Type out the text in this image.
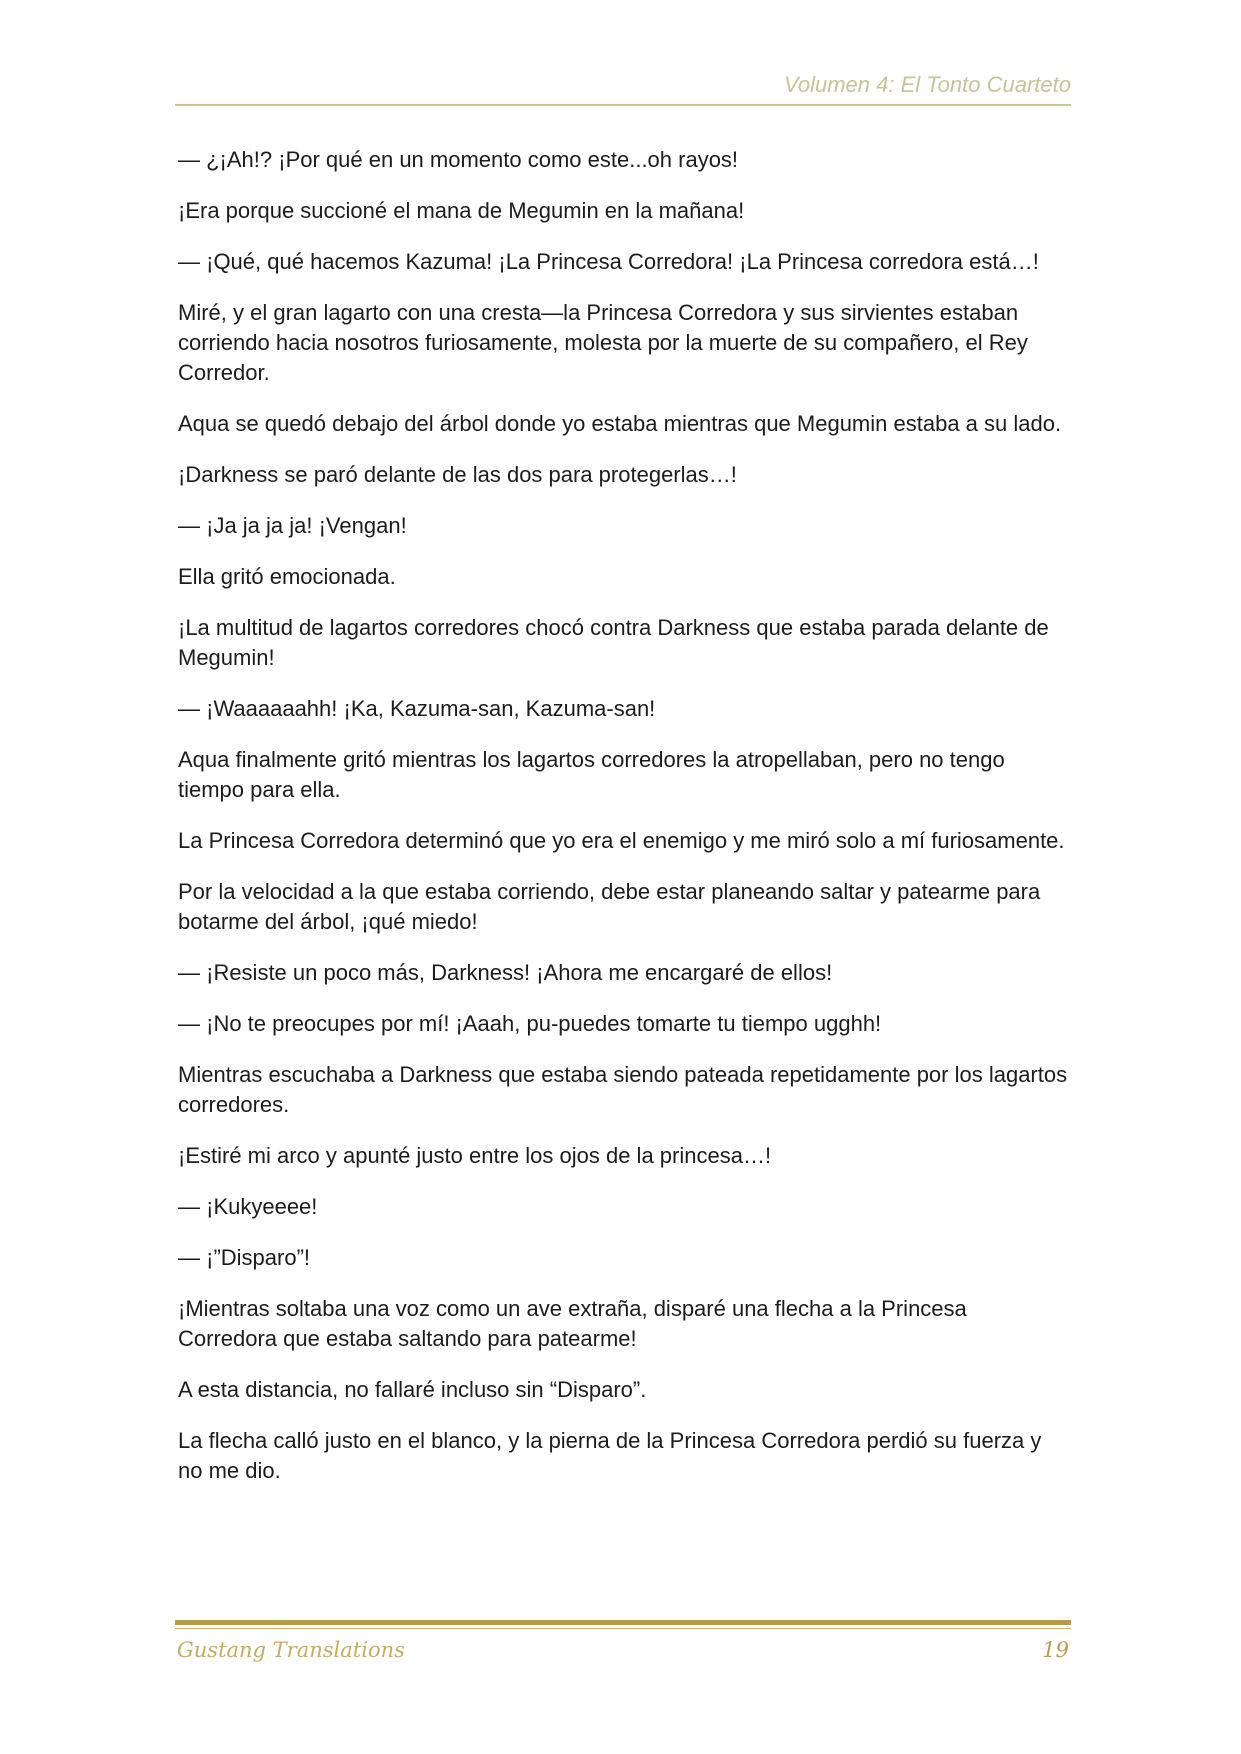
Volumen 4: El Tonto Cuarteto

— ¿¡Ah!? ¡Por qué en un momento como este...oh rayos!

¡Era porque succioné el mana de Megumin en la mañana!

— ¡Qué, qué hacemos Kazuma! ¡La Princesa Corredora! ¡La Princesa corredora está…!

Miré, y el gran lagarto con una cresta—la Princesa Corredora y sus sirvientes estaban corriendo hacia nosotros furiosamente, molesta por la muerte de su compañero, el Rey Corredor.

Aqua se quedó debajo del árbol donde yo estaba mientras que Megumin estaba a su lado.

¡Darkness se paró delante de las dos para protegerlas…!

— ¡Ja ja ja ja! ¡Vengan!

Ella gritó emocionada.

¡La multitud de lagartos corredores chocó contra Darkness que estaba parada delante de Megumin!

— ¡Waaaaaahh! ¡Ka, Kazuma-san, Kazuma-san!

Aqua finalmente gritó mientras los lagartos corredores la atropellaban, pero no tengo tiempo para ella.

La Princesa Corredora determinó que yo era el enemigo y me miró solo a mí furiosamente.

Por la velocidad a la que estaba corriendo, debe estar planeando saltar y patearme para botarme del árbol, ¡qué miedo!

— ¡Resiste un poco más, Darkness! ¡Ahora me encargaré de ellos!

— ¡No te preocupes por mí! ¡Aaah, pu-puedes tomarte tu tiempo ugghh!

Mientras escuchaba a Darkness que estaba siendo pateada repetidamente por los lagartos corredores.

¡Estiré mi arco y apunté justo entre los ojos de la princesa…!

— ¡Kukyeeee!

— ¡”Disparo”!

¡Mientras soltaba una voz como un ave extraña, disparé una flecha a la Princesa Corredora que estaba saltando para patearme!

A esta distancia, no fallaré incluso sin “Disparo”.

La flecha calló justo en el blanco, y la pierna de la Princesa Corredora perdió su fuerza y no me dio.

Gustang Translations	19
